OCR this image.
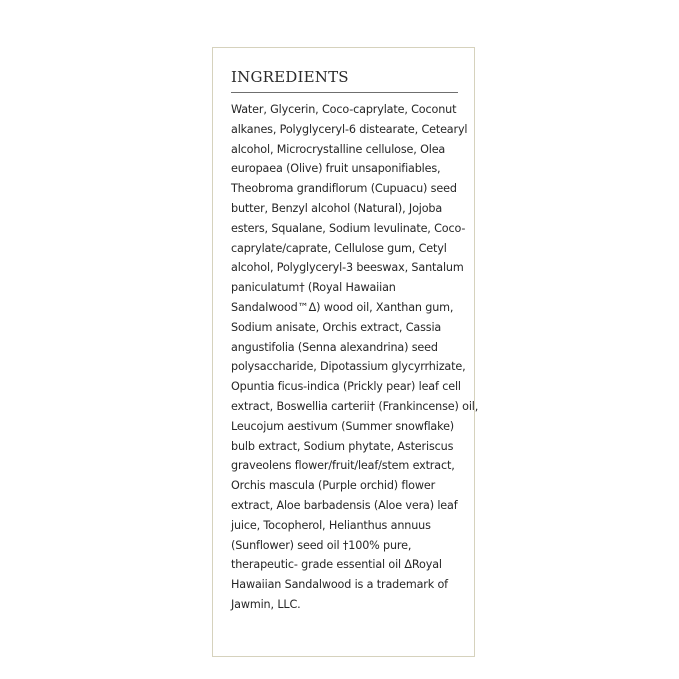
INGREDIENTS

Water, Glycerin, Coco-caprylate, Coconut
alkanes, Polyglyceryl-6 distearate, Cetearyl
alcohol, Microcrystalline cellulose, Olea
europaea (Olive) fruit unsaponifiables,
Theobroma grandiflorum (Cupuacu) seed
butter, Benzyl alcohol (Natural), Jojoba
esters, Squalane, Sodium levulinate, Coco-
caprylate/caprate, Cellulose gum, Cetyl
alcohol, Polyglyceryl-3 beeswax, Santalum
paniculatum† (Royal Hawaiian
Sandalwood™Δ) wood oil, Xanthan gum,
Sodium anisate, Orchis extract, Cassia
angustifolia (Senna alexandrina) seed
polysaccharide, Dipotassium glycyrrhizate,
Opuntia ficus-indica (Prickly pear) leaf cell
extract, Boswellia carterii† (Frankincense) oil,
Leucojum aestivum (Summer snowflake)
bulb extract, Sodium phytate, Asteriscus
graveolens flower/fruit/leaf/stem extract,
Orchis mascula (Purple orchid) flower
extract, Aloe barbadensis (Aloe vera) leaf
juice, Tocopherol, Helianthus annuus
(Sunflower) seed oil †100% pure,
therapeutic- grade essential oil ΔRoyal
Hawaiian Sandalwood is a trademark of
Jawmin, LLC.
